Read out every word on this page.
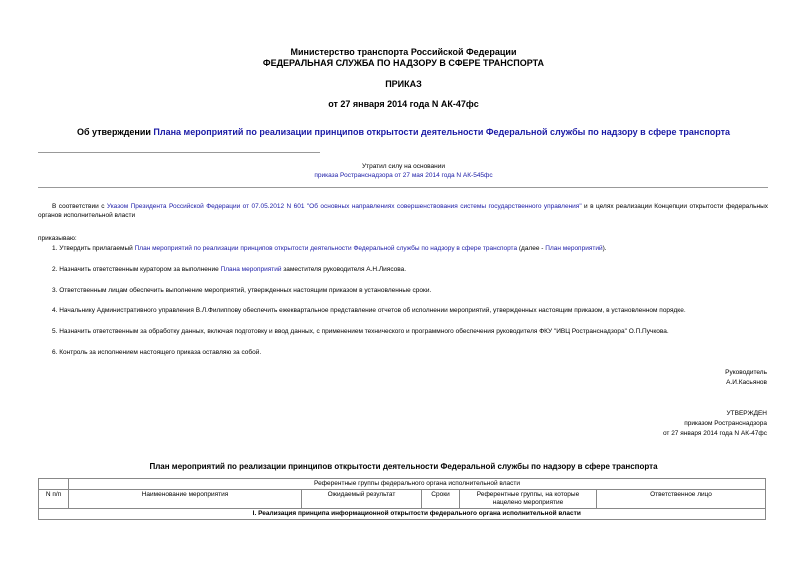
Министерство транспорта Российской Федерации
ФЕДЕРАЛЬНАЯ СЛУЖБА ПО НАДЗОРУ В СФЕРЕ ТРАНСПОРТА
ПРИКАЗ
от 27 января 2014 года N АК-47фс
Об утверждении Плана мероприятий по реализации принципов открытости деятельности Федеральной службы по надзору в сфере транспорта
Утратил силу на основании
приказа Ространснадзора от 27 мая 2014 года N АК-545фс
В соответствии с Указом Президента Российской Федерации от 07.05.2012 N 601 "Об основных направлениях совершенствования системы государственного управления" и в целях реализации Концепции открытости федеральных органов исполнительной власти
приказываю:
1. Утвердить прилагаемый План мероприятий по реализации принципов открытости деятельности Федеральной службы по надзору в сфере транспорта (далее - План мероприятий).
2. Назначить ответственным куратором за выполнение Плана мероприятий заместителя руководителя А.Н.Лиясова.
3. Ответственным лицам обеспечить выполнение мероприятий, утвержденных настоящим приказом в установленные сроки.
4. Начальнику Административного управления В.Л.Филиппову обеспечить ежеквартальное представление отчетов об исполнении мероприятий, утвержденных настоящим приказом, в установленном порядке.
5. Назначить ответственным за обработку данных, включая подготовку и ввод данных, с применением технического и программного обеспечения руководителя ФКУ "ИВЦ Ространснадзора" О.П.Пучкова.
6. Контроль за исполнением настоящего приказа оставляю за собой.
Руководитель
А.И.Касьянов
УТВЕРЖДЕН
приказом Ространснадзора
от 27 января 2014 года N АК-47фс
План мероприятий по реализации принципов открытости деятельности Федеральной службы по надзору в сфере транспорта
	Референтные группы федерального органа исполнительной власти				
N п/п	Наименование мероприятия	Ожидаемый результат	Сроки	Референтные группы, на которые нацелено мероприятие	Ответственное лицо
	I. Реализация принципа информационной открытости федерального органа исполнительной власти				
